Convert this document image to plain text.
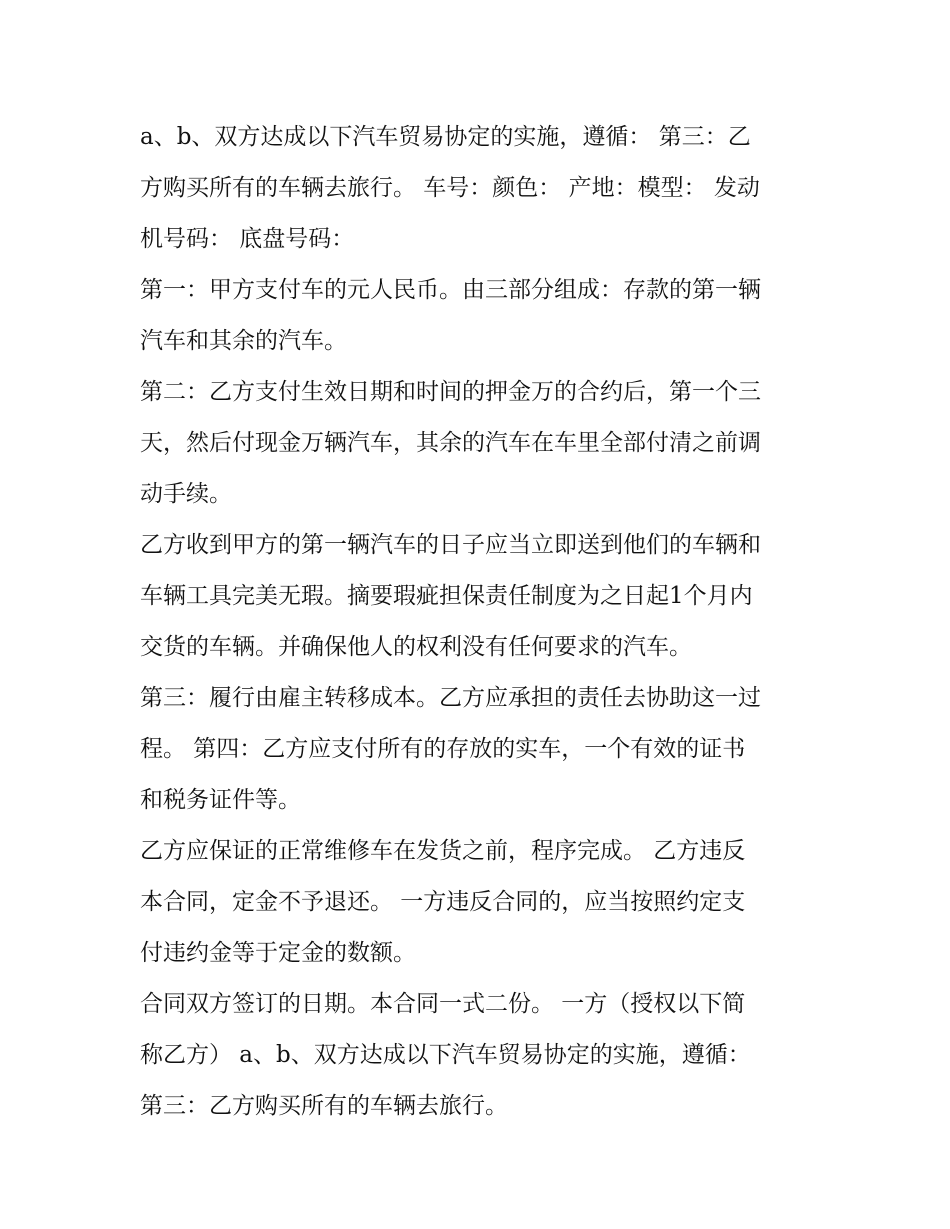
a、b、双方达成以下汽车贸易协定的实施，遵循： 第三：乙
方购买所有的车辆去旅行。 车号：颜色： 产地：模型： 发动
机号码： 底盘号码：

第一：甲方支付车的元人民币。由三部分组成：存款的第一辆
汽车和其余的汽车。

第二：乙方支付生效日期和时间的押金万的合约后，第一个三
天，然后付现金万辆汽车，其余的汽车在车里全部付清之前调
动手续。

乙方收到甲方的第一辆汽车的日子应当立即送到他们的车辆和
车辆工具完美无瑕。摘要瑕疵担保责任制度为之日起1个月内
交货的车辆。并确保他人的权利没有任何要求的汽车。

第三：履行由雇主转移成本。乙方应承担的责任去协助这一过
程。 第四：乙方应支付所有的存放的实车，一个有效的证书
和税务证件等。

乙方应保证的正常维修车在发货之前，程序完成。 乙方违反
本合同，定金不予退还。 一方违反合同的，应当按照约定支
付违约金等于定金的数额。

合同双方签订的日期。本合同一式二份。 一方（授权以下简
称乙方） a、b、双方达成以下汽车贸易协定的实施，遵循：
第三：乙方购买所有的车辆去旅行。
